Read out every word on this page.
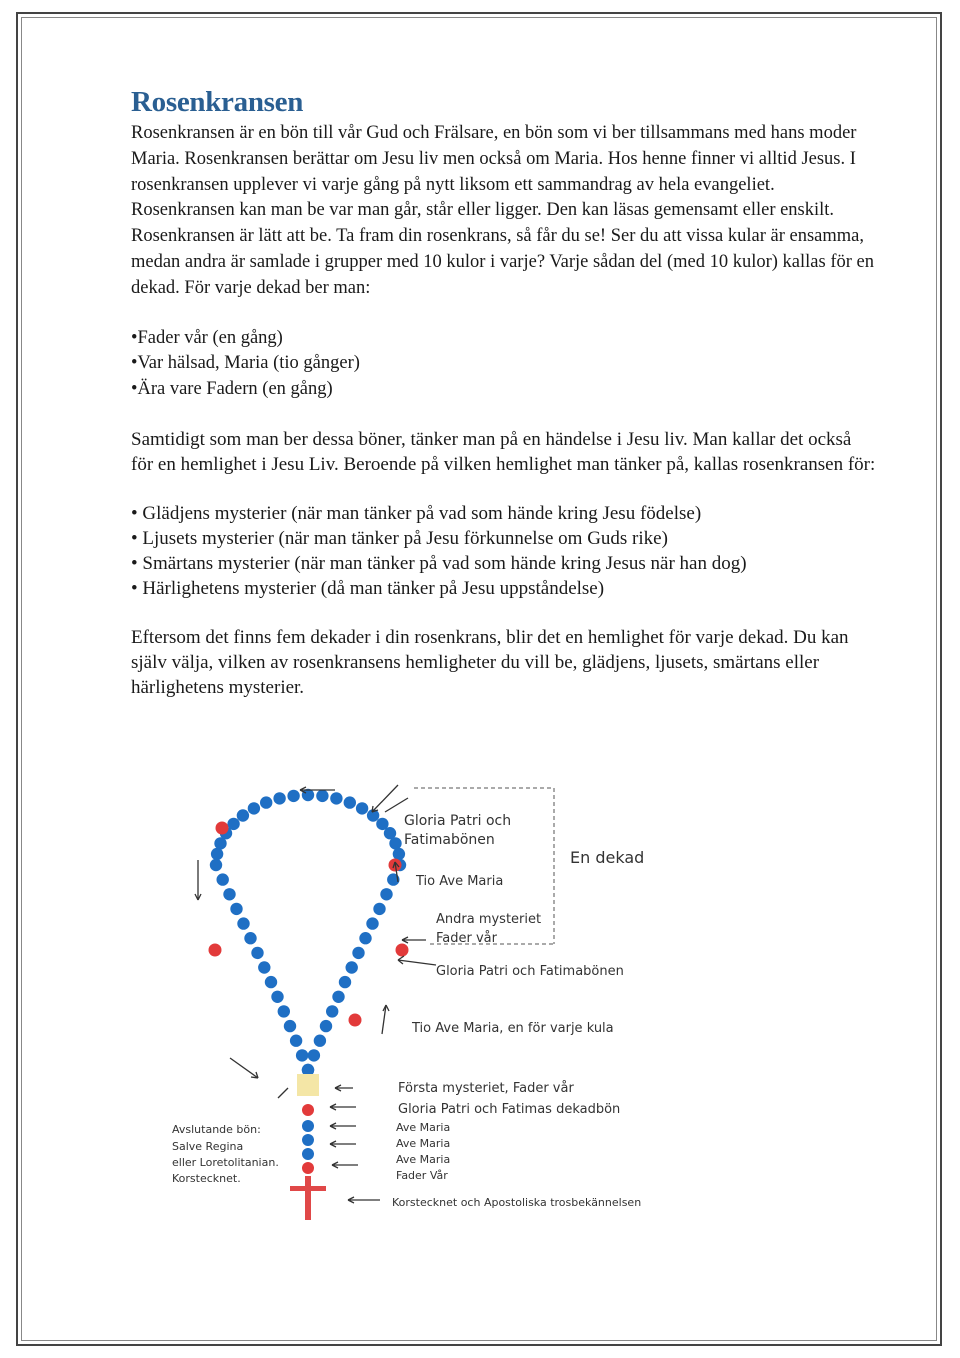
Rosenkransen

Rosenkransen är en bön till vår Gud och Frälsare, en bön som vi ber tillsammans med hans moder Maria. Rosenkransen berättar om Jesu liv men också om Maria. Hos henne finner vi alltid Jesus. I rosenkransen upplever vi varje gång på nytt liksom ett sammandrag av hela evangeliet. Rosenkransen kan man be var man går, står eller ligger. Den kan läsas gemensamt eller enskilt. Rosenkransen är lätt att be. Ta fram din rosenkrans, så får du se! Ser du att vissa kular är ensamma, medan andra är samlade i grupper med 10 kulor i varje? Varje sådan del (med 10 kulor) kallas för en dekad. För varje dekad ber man:

•Fader vår (en gång)
•Var hälsad, Maria (tio gånger)
•Ära vare Fadern (en gång)

Samtidigt som man ber dessa böner, tänker man på en händelse i Jesu liv. Man kallar det också för en hemlighet i Jesu Liv. Beroende på vilken hemlighet man tänker på, kallas rosenkransen för:

• Glädjens mysterier (när man tänker på vad som hände kring Jesu födelse)
• Ljusets mysterier (när man tänker på Jesu förkunnelse om Guds rike)
• Smärtans mysterier (när man tänker på vad som hände kring Jesus när han dog)
• Härlighetens mysterier (då man tänker på Jesu uppståndelse)

Eftersom det finns fem dekader i din rosenkrans, blir det en hemlighet för varje dekad. Du kan själv välja, vilken av rosenkransens hemligheter du vill be, glädjens, ljusets, smärtans eller härlighetens mysterier.

Gloria Patri och
Fatimabönen
Tio Ave Maria
En dekad
Andra mysteriet
Fader vår
Gloria Patri och Fatimabönen
Tio Ave Maria, en för varje kula
Första mysteriet, Fader vår
Gloria Patri och Fatimas dekadbön
Ave Maria
Ave Maria
Ave Maria
Fader Vår
Korstecknet och Apostoliska trosbekännelsen
Avslutande bön:
Salve Regina
eller Loretolitanian.
Korstecknet.
